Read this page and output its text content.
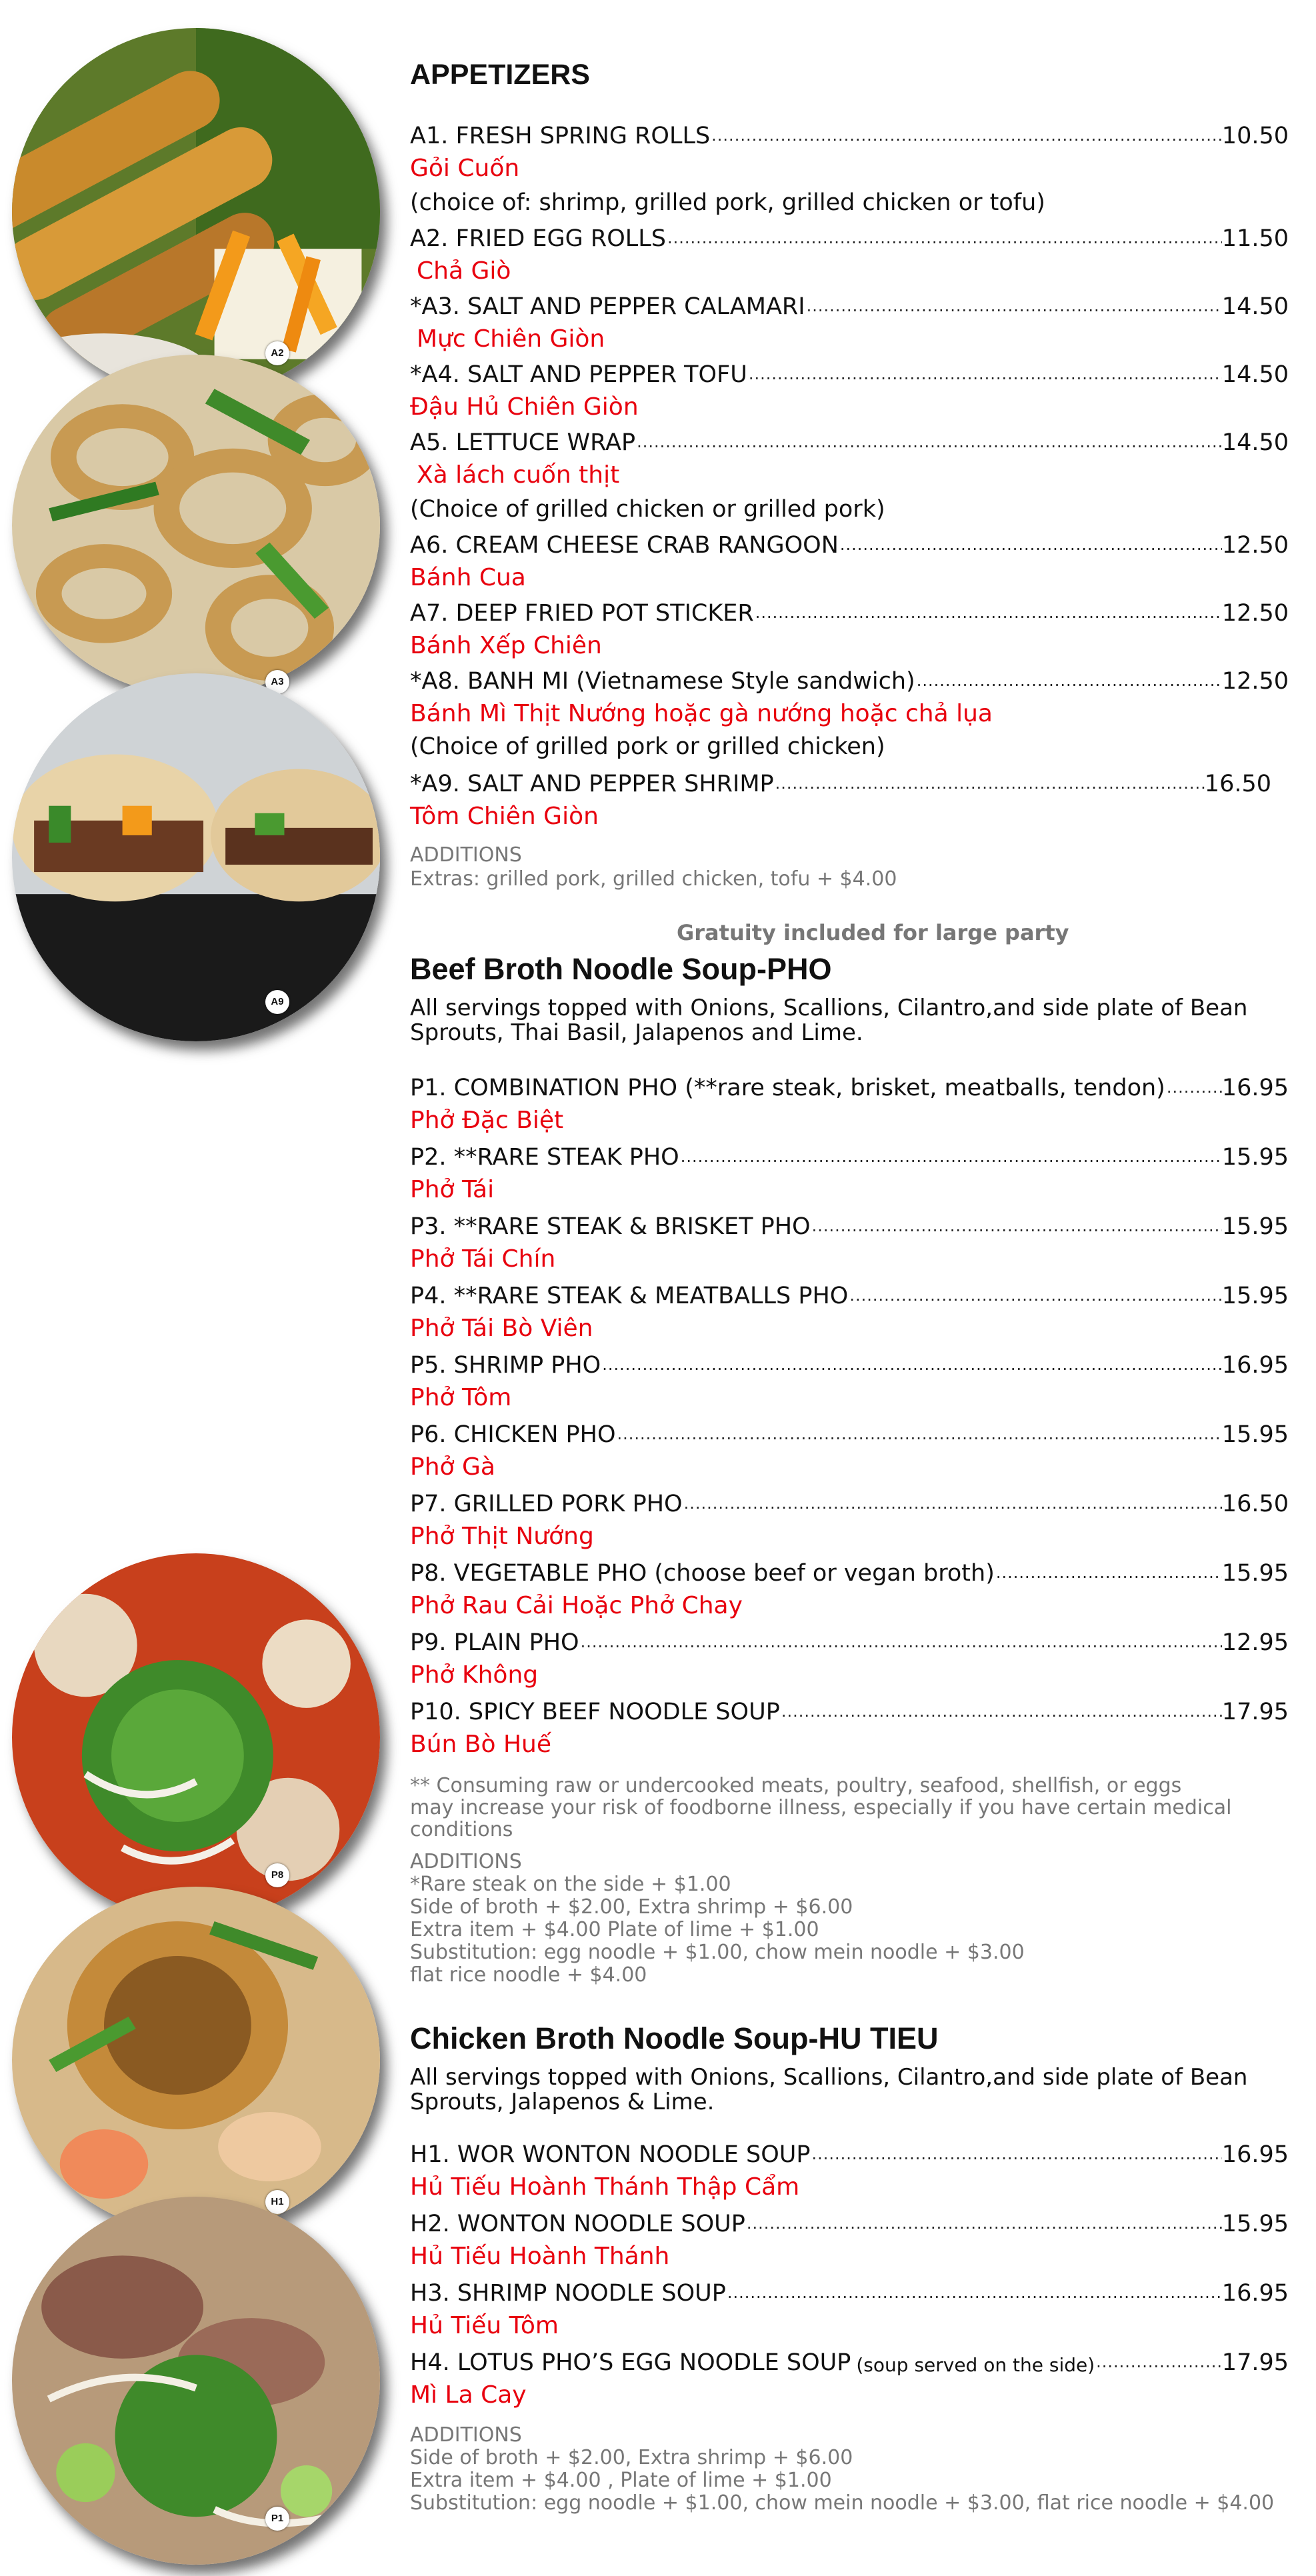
A2
A3
A9
P8
H1
P1
APPETIZERS
A1. FRESH SPRING ROLLS .....	10.50
Gỏi Cuốn
(choice of: shrimp, grilled pork, grilled chicken or tofu)
A2. FRIED EGG ROLLS .....	11.50
Chả Giò
*A3. SALT AND PEPPER CALAMARI .....	14.50
Mực Chiên Giòn
*A4. SALT AND PEPPER TOFU .....	14.50
Đậu Hủ Chiên Giòn
A5. LETTUCE WRAP .....	14.50
Xà lách cuốn thịt
(Choice of grilled chicken or grilled pork)
A6. CREAM CHEESE CRAB RANGOON .....	12.50
Bánh Cua
A7. DEEP FRIED POT STICKER .....	12.50
Bánh Xếp Chiên
*A8. BANH MI (Vietnamese Style sandwich) .....	12.50
Bánh Mì Thịt Nướng hoặc gà nướng hoặc chả lụa
(Choice of grilled pork or grilled chicken)
*A9. SALT AND PEPPER SHRIMP .....	16.50
Tôm Chiên Giòn
ADDITIONS
Extras: grilled pork, grilled chicken, tofu + $4.00
Gratuity included for large party
Beef Broth Noodle Soup-PHO
All servings topped with Onions, Scallions, Cilantro,and side plate of Bean Sprouts, Thai Basil, Jalapenos and Lime.
P1. COMBINATION PHO (**rare steak, brisket, meatballs, tendon) ..... 16.95
Phở Đặc Biệt
P2. **RARE STEAK PHO .....	15.95
Phở Tái
P3. **RARE STEAK & BRISKET PHO .....	15.95
Phở Tái Chín
P4. **RARE STEAK & MEATBALLS PHO .....	15.95
Phở Tái Bò Viên
P5. SHRIMP PHO .....	16.95
Phở Tôm
P6. CHICKEN PHO .....	15.95
Phở Gà
P7. GRILLED PORK PHO .....	16.50
Phở Thịt Nướng
P8. VEGETABLE PHO (choose beef or vegan broth) .....	15.95
Phở Rau Cải Hoặc Phở Chay
P9. PLAIN PHO .....	12.95
Phở Không
P10. SPICY BEEF NOODLE SOUP .....	17.95
Bún Bò Huế
** Consuming raw or undercooked meats, poultry, seafood, shellfish, or eggs
may increase your risk of foodborne illness, especially if you have certain medical
conditions
ADDITIONS
*Rare steak on the side + $1.00
Side of broth + $2.00, Extra shrimp + $6.00
Extra item + $4.00 Plate of lime + $1.00
Substitution: egg noodle + $1.00, chow mein noodle + $3.00
flat rice noodle + $4.00
Chicken Broth Noodle Soup-HU TIEU
All servings topped with Onions, Scallions, Cilantro,and side plate of Bean Sprouts, Jalapenos & Lime.
H1. WOR WONTON NOODLE SOUP .....	16.95
Hủ Tiếu Hoành Thánh Thập Cẩm
H2. WONTON NOODLE SOUP .....	15.95
Hủ Tiếu Hoành Thánh
H3. SHRIMP NOODLE SOUP .....	16.95
Hủ Tiếu Tôm
H4. LOTUS PHO’S EGG NOODLE SOUP (soup served on the side) .....	17.95
Mì La Cay
ADDITIONS
Side of broth + $2.00, Extra shrimp + $6.00
Extra item + $4.00 , Plate of lime + $1.00
Substitution: egg noodle + $1.00, chow mein noodle + $3.00, flat rice noodle + $4.00
